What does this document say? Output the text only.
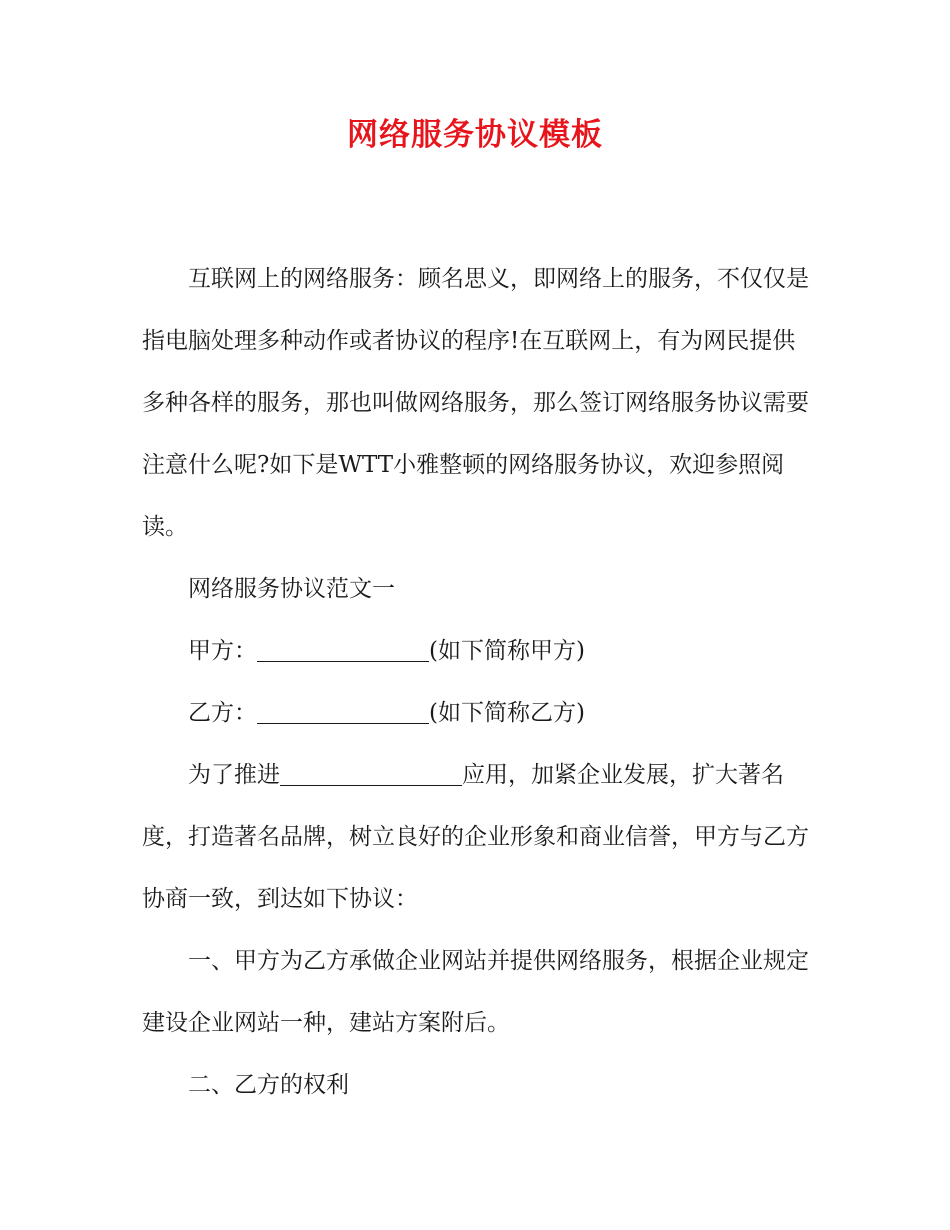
网络服务协议模板

互联网上的网络服务：顾名思义，即网络上的服务，不仅仅是指电脑处理多种动作或者协议的程序!在互联网上，有为网民提供多种各样的服务，那也叫做网络服务，那么签订网络服务协议需要注意什么呢?如下是WTT小雅整顿的网络服务协议，欢迎参照阅读。

网络服务协议范文一

甲方：	(如下简称甲方)

乙方：	(如下简称乙方)

为了推进	应用，加紧企业发展，扩大著名度，打造著名品牌，树立良好的企业形象和商业信誉，甲方与乙方协商一致，到达如下协议：

一、甲方为乙方承做企业网站并提供网络服务，根据企业规定建设企业网站一种，建站方案附后。

二、乙方的权利
